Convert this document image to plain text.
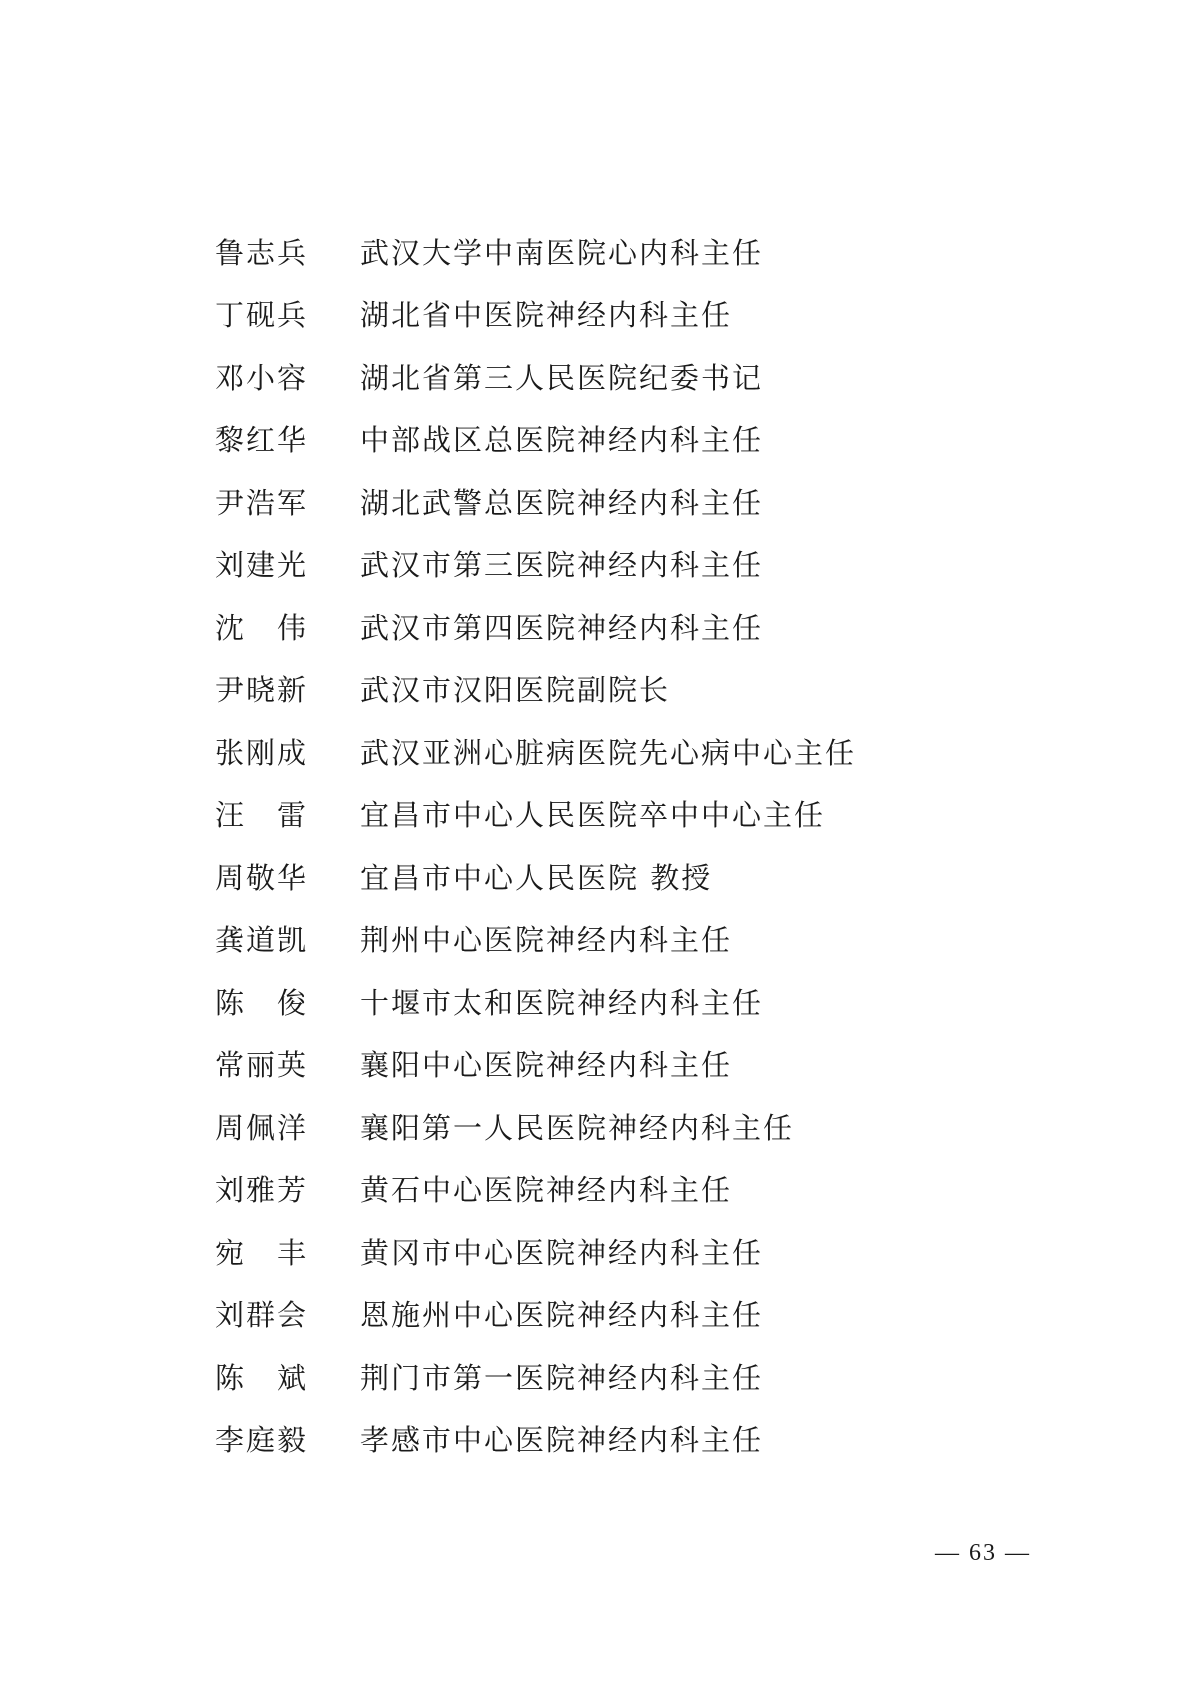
鲁志兵	武汉大学中南医院心内科主任
丁砚兵	湖北省中医院神经内科主任
邓小容	湖北省第三人民医院纪委书记
黎红华	中部战区总医院神经内科主任
尹浩军	湖北武警总医院神经内科主任
刘建光	武汉市第三医院神经内科主任
沈　伟	武汉市第四医院神经内科主任
尹晓新	武汉市汉阳医院副院长
张刚成	武汉亚洲心脏病医院先心病中心主任
汪　雷	宜昌市中心人民医院卒中中心主任
周敬华	宜昌市中心人民医院 教授
龚道凯	荆州中心医院神经内科主任
陈　俊	十堰市太和医院神经内科主任
常丽英	襄阳中心医院神经内科主任
周佩洋	襄阳第一人民医院神经内科主任
刘雅芳	黄石中心医院神经内科主任
宛　丰	黄冈市中心医院神经内科主任
刘群会	恩施州中心医院神经内科主任
陈　斌	荆门市第一医院神经内科主任
李庭毅	孝感市中心医院神经内科主任
— 63 —
